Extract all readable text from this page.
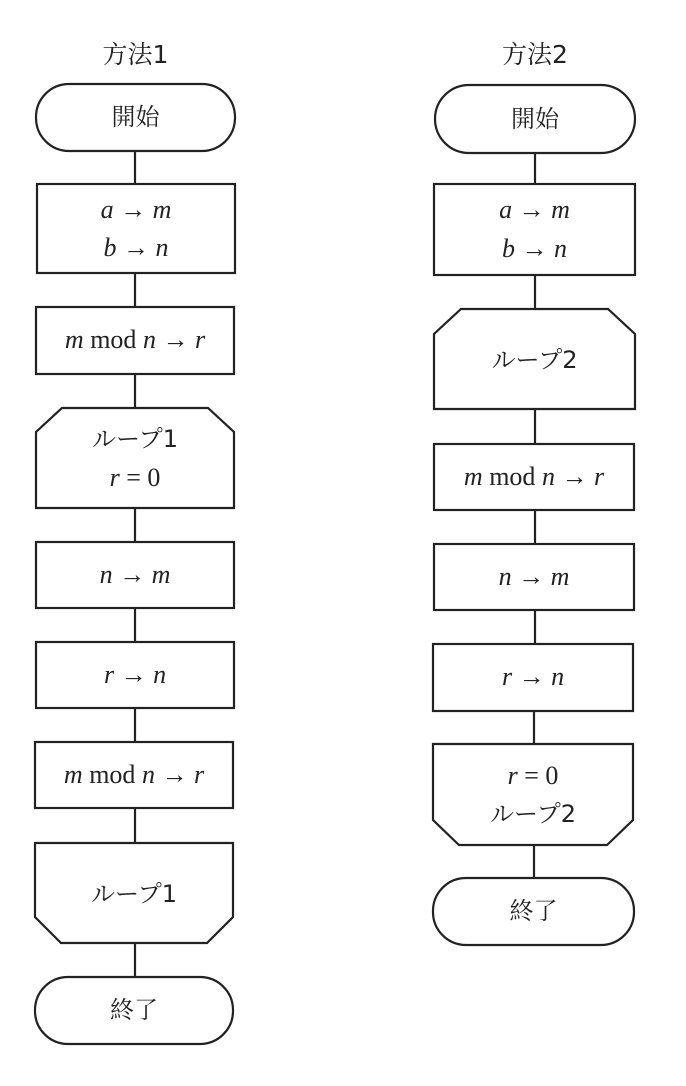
方法1
開始
a → m
b → n
m mod n → r
ループ1
r = 0
n → m
r → n
m mod n → r
ループ1
終了
方法2
開始
a → m
b → n
ループ2
m mod n → r
n → m
r → n
r = 0
ループ2
終了
